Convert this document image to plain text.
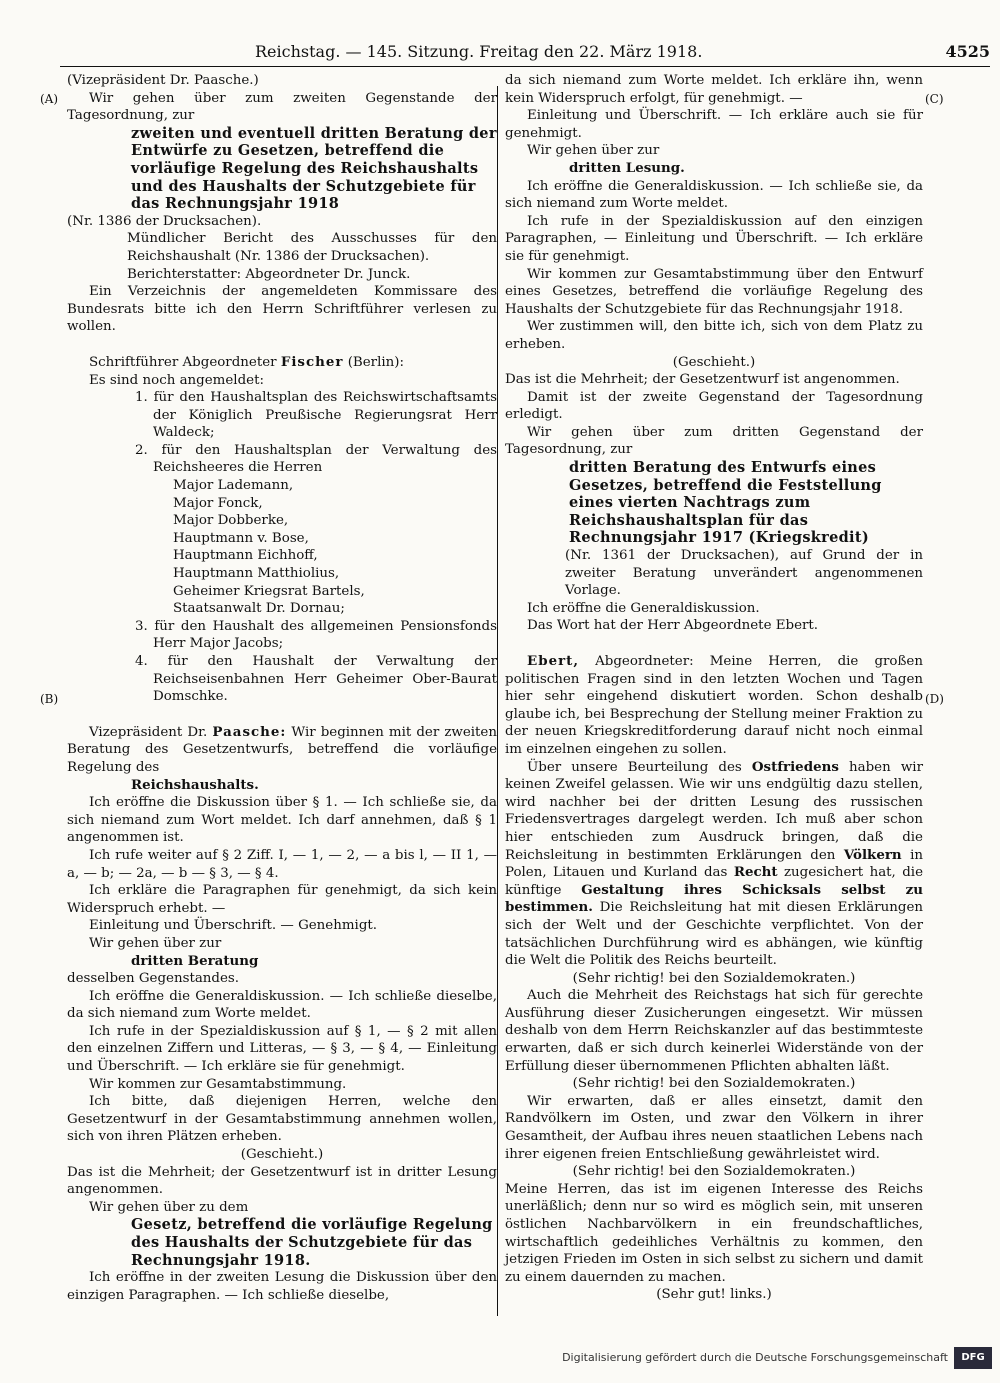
Reichstag. — 145. Sitzung. Freitag den 22. März 1918.	4525
(A)
(B)
(C)
(D)

(Vizepräsident Dr. Paasche.)

Wir gehen über zum zweiten Gegenstande der Tagesordnung, zur

zweiten und eventuell dritten Beratung der Entwürfe zu Gesetzen, betreffend die vorläufige Regelung des Reichshaushalts und des Haushalts der Schutzgebiete für das Rechnungsjahr 1918

(Nr. 1386 der Drucksachen).

Mündlicher Bericht des Ausschusses für den Reichshaushalt (Nr. 1386 der Drucksachen).

Berichterstatter: Abgeordneter Dr. Junck.

Ein Verzeichnis der angemeldeten Kommissare des Bundesrats bitte ich den Herrn Schriftführer verlesen zu wollen.

Schriftführer Abgeordneter Fischer (Berlin):

Es sind noch angemeldet:

1. für den Haushaltsplan des Reichswirtschaftsamts der Königlich Preußische Regierungsrat Herr Waldeck;

2. für den Haushaltsplan der Verwaltung des Reichsheeres die Herren

Major Lademann,

Major Fonck,

Major Dobberke,

Hauptmann v. Bose,

Hauptmann Eichhoff,

Hauptmann Matthiolius,

Geheimer Kriegsrat Bartels,

Staatsanwalt Dr. Dornau;

3. für den Haushalt des allgemeinen Pensionsfonds Herr Major Jacobs;

4. für den Haushalt der Verwaltung der Reichseisenbahnen Herr Geheimer Ober-Baurat Domschke.

Vizepräsident Dr. Paasche: Wir beginnen mit der zweiten Beratung des Gesetzentwurfs, betreffend die vorläufige Regelung des

Reichshaushalts.

Ich eröffne die Diskussion über § 1. — Ich schließe sie, da sich niemand zum Wort meldet. Ich darf annehmen, daß § 1 angenommen ist.

Ich rufe weiter auf § 2 Ziff. I, — 1, — 2, — a bis l, — II 1, — a, — b; — 2a, — b — § 3, — § 4.

Ich erkläre die Paragraphen für genehmigt, da sich kein Widerspruch erhebt. —

Einleitung und Überschrift. — Genehmigt.

Wir gehen über zur

dritten Beratung

desselben Gegenstandes.

Ich eröffne die Generaldiskussion. — Ich schließe dieselbe, da sich niemand zum Worte meldet.

Ich rufe in der Spezialdiskussion auf § 1, — § 2 mit allen den einzelnen Ziffern und Litteras, — § 3, — § 4, — Einleitung und Überschrift. — Ich erkläre sie für genehmigt.

Wir kommen zur Gesamtabstimmung.

Ich bitte, daß diejenigen Herren, welche den Gesetzentwurf in der Gesamtabstimmung annehmen wollen, sich von ihren Plätzen erheben.

(Geschieht.)

Das ist die Mehrheit; der Gesetzentwurf ist in dritter Lesung angenommen.

Wir gehen über zu dem

Gesetz, betreffend die vorläufige Regelung des Haushalts der Schutzgebiete für das Rechnungsjahr 1918.

Ich eröffne in der zweiten Lesung die Diskussion über den einzigen Paragraphen. — Ich schließe dieselbe,

da sich niemand zum Worte meldet. Ich erkläre ihn, wenn kein Widerspruch erfolgt, für genehmigt. —

Einleitung und Überschrift. — Ich erkläre auch sie für genehmigt.

Wir gehen über zur

dritten Lesung.

Ich eröffne die Generaldiskussion. — Ich schließe sie, da sich niemand zum Worte meldet.

Ich rufe in der Spezialdiskussion auf den einzigen Paragraphen, — Einleitung und Überschrift. — Ich erkläre sie für genehmigt.

Wir kommen zur Gesamtabstimmung über den Entwurf eines Gesetzes, betreffend die vorläufige Regelung des Haushalts der Schutzgebiete für das Rechnungsjahr 1918.

Wer zustimmen will, den bitte ich, sich von dem Platz zu erheben.

(Geschieht.)

Das ist die Mehrheit; der Gesetzentwurf ist angenommen.

Damit ist der zweite Gegenstand der Tagesordnung erledigt.

Wir gehen über zum dritten Gegenstand der Tagesordnung, zur

dritten Beratung des Entwurfs eines Gesetzes, betreffend die Feststellung eines vierten Nachtrags zum Reichshaushaltsplan für das Rechnungsjahr 1917 (Kriegskredit)

(Nr. 1361 der Drucksachen), auf Grund der in zweiter Beratung unverändert angenommenen Vorlage.

Ich eröffne die Generaldiskussion.

Das Wort hat der Herr Abgeordnete Ebert.

Ebert, Abgeordneter: Meine Herren, die großen politischen Fragen sind in den letzten Wochen und Tagen hier sehr eingehend diskutiert worden. Schon deshalb glaube ich, bei Besprechung der Stellung meiner Fraktion zu der neuen Kriegskreditforderung darauf nicht noch einmal im einzelnen eingehen zu sollen.

Über unsere Beurteilung des Ostfriedens haben wir keinen Zweifel gelassen. Wie wir uns endgültig dazu stellen, wird nachher bei der dritten Lesung des russischen Friedensvertrages dargelegt werden. Ich muß aber schon hier entschieden zum Ausdruck bringen, daß die Reichsleitung in bestimmten Erklärungen den Völkern in Polen, Litauen und Kurland das Recht zugesichert hat, die künftige Gestaltung ihres Schicksals selbst zu bestimmen. Die Reichsleitung hat mit diesen Erklärungen sich der Welt und der Geschichte verpflichtet. Von der tatsächlichen Durchführung wird es abhängen, wie künftig die Welt die Politik des Reichs beurteilt.

(Sehr richtig! bei den Sozialdemokraten.)

Auch die Mehrheit des Reichstags hat sich für gerechte Ausführung dieser Zusicherungen eingesetzt. Wir müssen deshalb von dem Herrn Reichskanzler auf das bestimmteste erwarten, daß er sich durch keinerlei Widerstände von der Erfüllung dieser übernommenen Pflichten abhalten läßt.

(Sehr richtig! bei den Sozialdemokraten.)

Wir erwarten, daß er alles einsetzt, damit den Randvölkern im Osten, und zwar den Völkern in ihrer Gesamtheit, der Aufbau ihres neuen staatlichen Lebens nach ihrer eigenen freien Entschließung gewährleistet wird.

(Sehr richtig! bei den Sozialdemokraten.)

Meine Herren, das ist im eigenen Interesse des Reichs unerläßlich; denn nur so wird es möglich sein, mit unseren östlichen Nachbarvölkern in ein freundschaftliches, wirtschaftlich gedeihliches Verhältnis zu kommen, den jetzigen Frieden im Osten in sich selbst zu sichern und damit zu einem dauernden zu machen.

(Sehr gut! links.)

Digitalisierung gefördert durch die Deutsche Forschungsgemeinschaft	DFG
